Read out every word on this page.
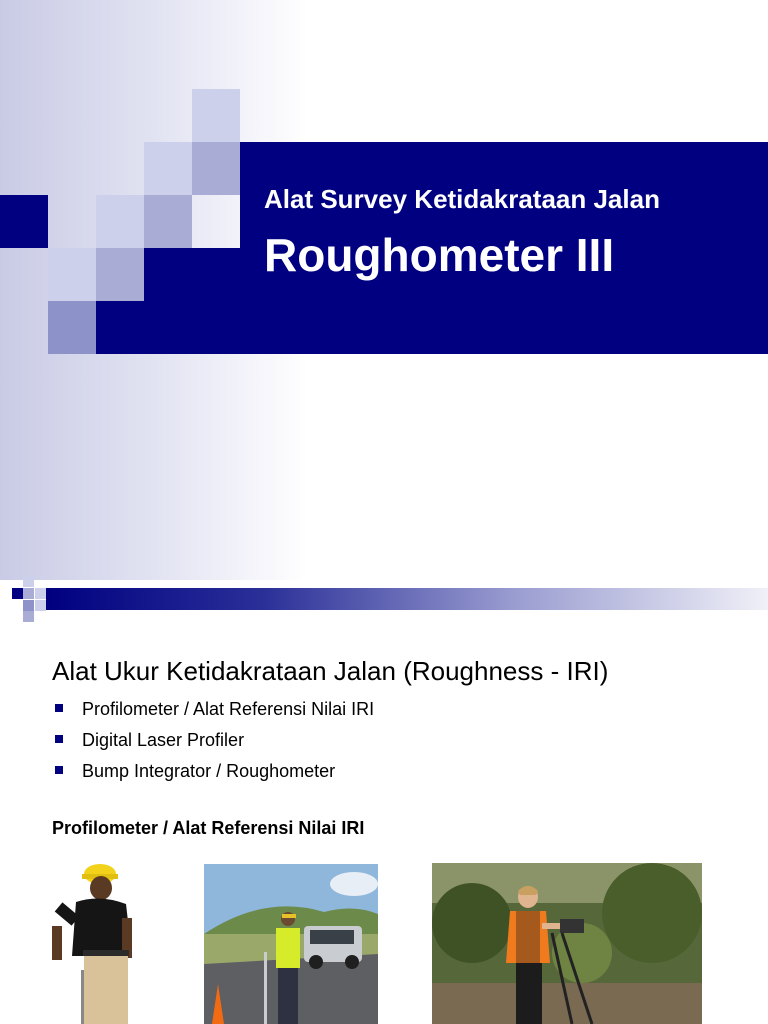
Alat Survey Ketidakrataan Jalan
Roughometer III
Alat Ukur Ketidakrataan Jalan (Roughness - IRI)
Profilometer / Alat Referensi Nilai IRI
Digital Laser Profiler
Bump Integrator / Roughometer
Profilometer / Alat Referensi Nilai IRI
